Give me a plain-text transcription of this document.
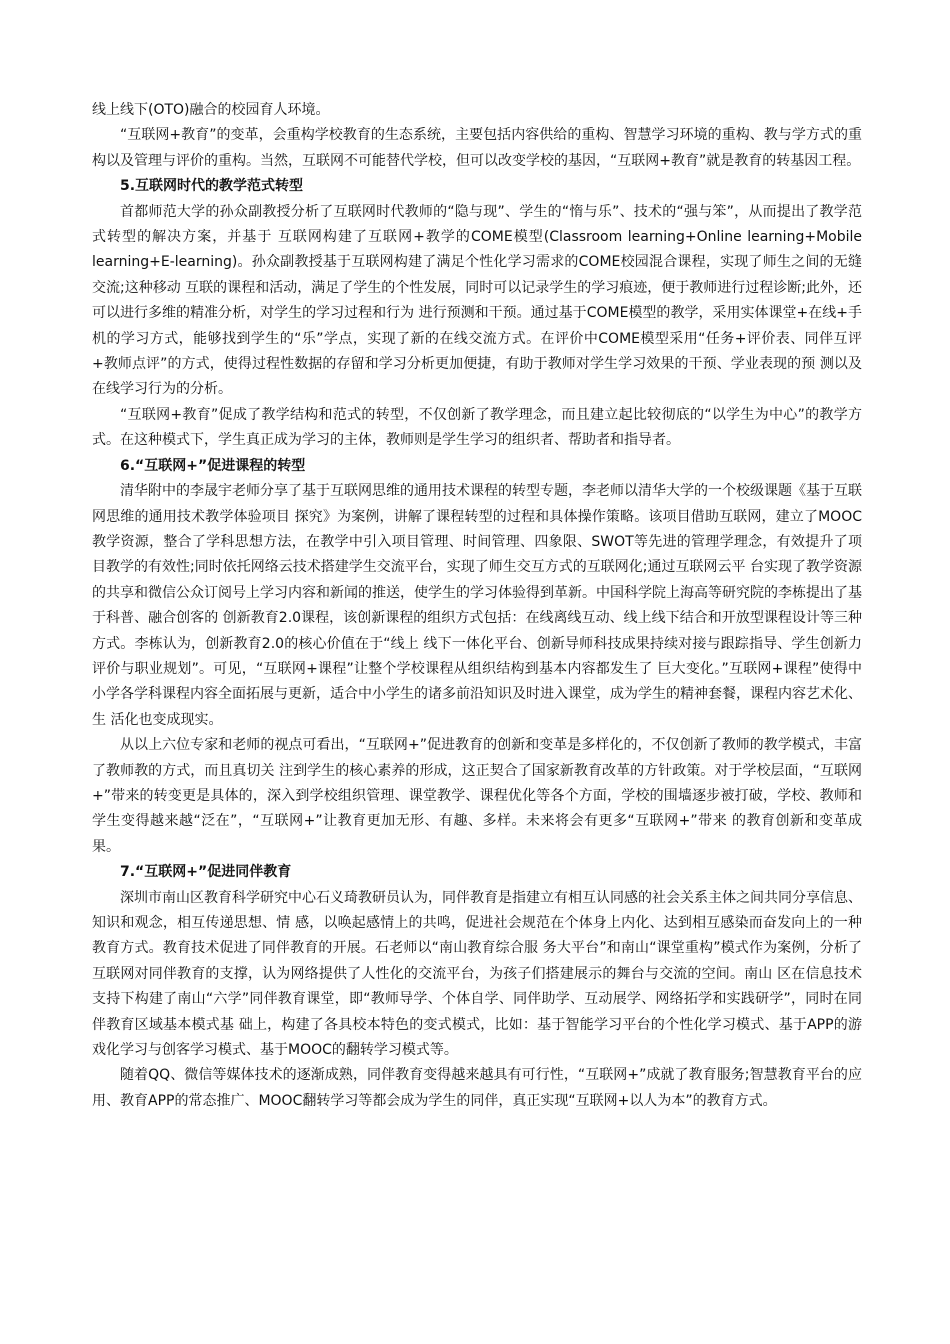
线上线下(OTO)融合的校园育人环境。

“互联网+教育”的变革，会重构学校教育的生态系统，主要包括内容供给的重构、智慧学习环境的重构、教与学方式的重构以及管理与评价的重构。当然，互联网不可能替代学校，但可以改变学校的基因，“互联网+教育”就是教育的转基因工程。

5.互联网时代的教学范式转型

首都师范大学的孙众副教授分析了互联网时代教师的“隐与现”、学生的“惰与乐”、技术的“强与笨”，从而提出了教学范式转型的解决方案，并基于 互联网构建了互联网+教学的COME模型(Classroom learning+Online learning+Mobile learning+E-learning)。孙众副教授基于互联网构建了满足个性化学习需求的COME校园混合课程，实现了师生之间的无缝交流;这种移动 互联的课程和活动，满足了学生的个性发展，同时可以记录学生的学习痕迹，便于教师进行过程诊断;此外，还可以进行多维的精准分析，对学生的学习过程和行为 进行预测和干预。通过基于COME模型的教学，采用实体课堂+在线+手机的学习方式，能够找到学生的“乐”学点，实现了新的在线交流方式。在评价中COME模型采用“任务+评价表、同伴互评+教师点评”的方式，使得过程性数据的存留和学习分析更加便捷，有助于教师对学生学习效果的干预、学业表现的预 测以及在线学习行为的分析。

“互联网+教育”促成了教学结构和范式的转型，不仅创新了教学理念，而且建立起比较彻底的“以学生为中心”的教学方式。在这种模式下，学生真正成为学习的主体，教师则是学生学习的组织者、帮助者和指导者。

6.“互联网+”促进课程的转型

清华附中的李晟宇老师分享了基于互联网思维的通用技术课程的转型专题，李老师以清华大学的一个校级课题《基于互联网思维的通用技术教学体验项目 探究》为案例，讲解了课程转型的过程和具体操作策略。该项目借助互联网，建立了MOOC教学资源，整合了学科思想方法，在教学中引入项目管理、时间管理、四象限、SWOT等先进的管理学理念，有效提升了项目教学的有效性;同时依托网络云技术搭建学生交流平台，实现了师生交互方式的互联网化;通过互联网云平 台实现了教学资源的共享和微信公众订阅号上学习内容和新闻的推送，使学生的学习体验得到革新。中国科学院上海高等研究院的李栋提出了基于科普、融合创客的 创新教育2.0课程，该创新课程的组织方式包括：在线离线互动、线上线下结合和开放型课程设计等三种方式。李栋认为，创新教育2.0的核心价值在于“线上 线下一体化平台、创新导师科技成果持续对接与跟踪指导、学生创新力评价与职业规划”。可见，“互联网+课程”让整个学校课程从组织结构到基本内容都发生了 巨大变化。”互联网+课程”使得中小学各学科课程内容全面拓展与更新，适合中小学生的诸多前沿知识及时进入课堂，成为学生的精神套餐，课程内容艺术化、生 活化也变成现实。

从以上六位专家和老师的视点可看出，“互联网+”促进教育的创新和变革是多样化的，不仅创新了教师的教学模式，丰富了教师教的方式，而且真切关 注到学生的核心素养的形成，这正契合了国家新教育改革的方针政策。对于学校层面，“互联网+”带来的转变更是具体的，深入到学校组织管理、课堂教学、课程优化等各个方面，学校的围墙逐步被打破，学校、教师和学生变得越来越“泛在”，“互联网+”让教育更加无形、有趣、多样。未来将会有更多“互联网+”带来 的教育创新和变革成果。

7.“互联网+”促进同伴教育

深圳市南山区教育科学研究中心石义琦教研员认为，同伴教育是指建立有相互认同感的社会关系主体之间共同分享信息、知识和观念，相互传递思想、情 感，以唤起感情上的共鸣，促进社会规范在个体身上内化、达到相互感染而奋发向上的一种教育方式。教育技术促进了同伴教育的开展。石老师以“南山教育综合服 务大平台”和南山“课堂重构”模式作为案例，分析了互联网对同伴教育的支撑，认为网络提供了人性化的交流平台，为孩子们搭建展示的舞台与交流的空间。南山 区在信息技术支持下构建了南山“六学”同伴教育课堂，即“教师导学、个体自学、同伴助学、互动展学、网络拓学和实践研学”，同时在同伴教育区域基本模式基 础上，构建了各具校本特色的变式模式，比如：基于智能学习平台的个性化学习模式、基于APP的游戏化学习与创客学习模式、基于MOOC的翻转学习模式等。

随着QQ、微信等媒体技术的逐渐成熟，同伴教育变得越来越具有可行性，“互联网+”成就了教育服务;智慧教育平台的应用、教育APP的常态推广、MOOC翻转学习等都会成为学生的同伴，真正实现“互联网+以人为本”的教育方式。
